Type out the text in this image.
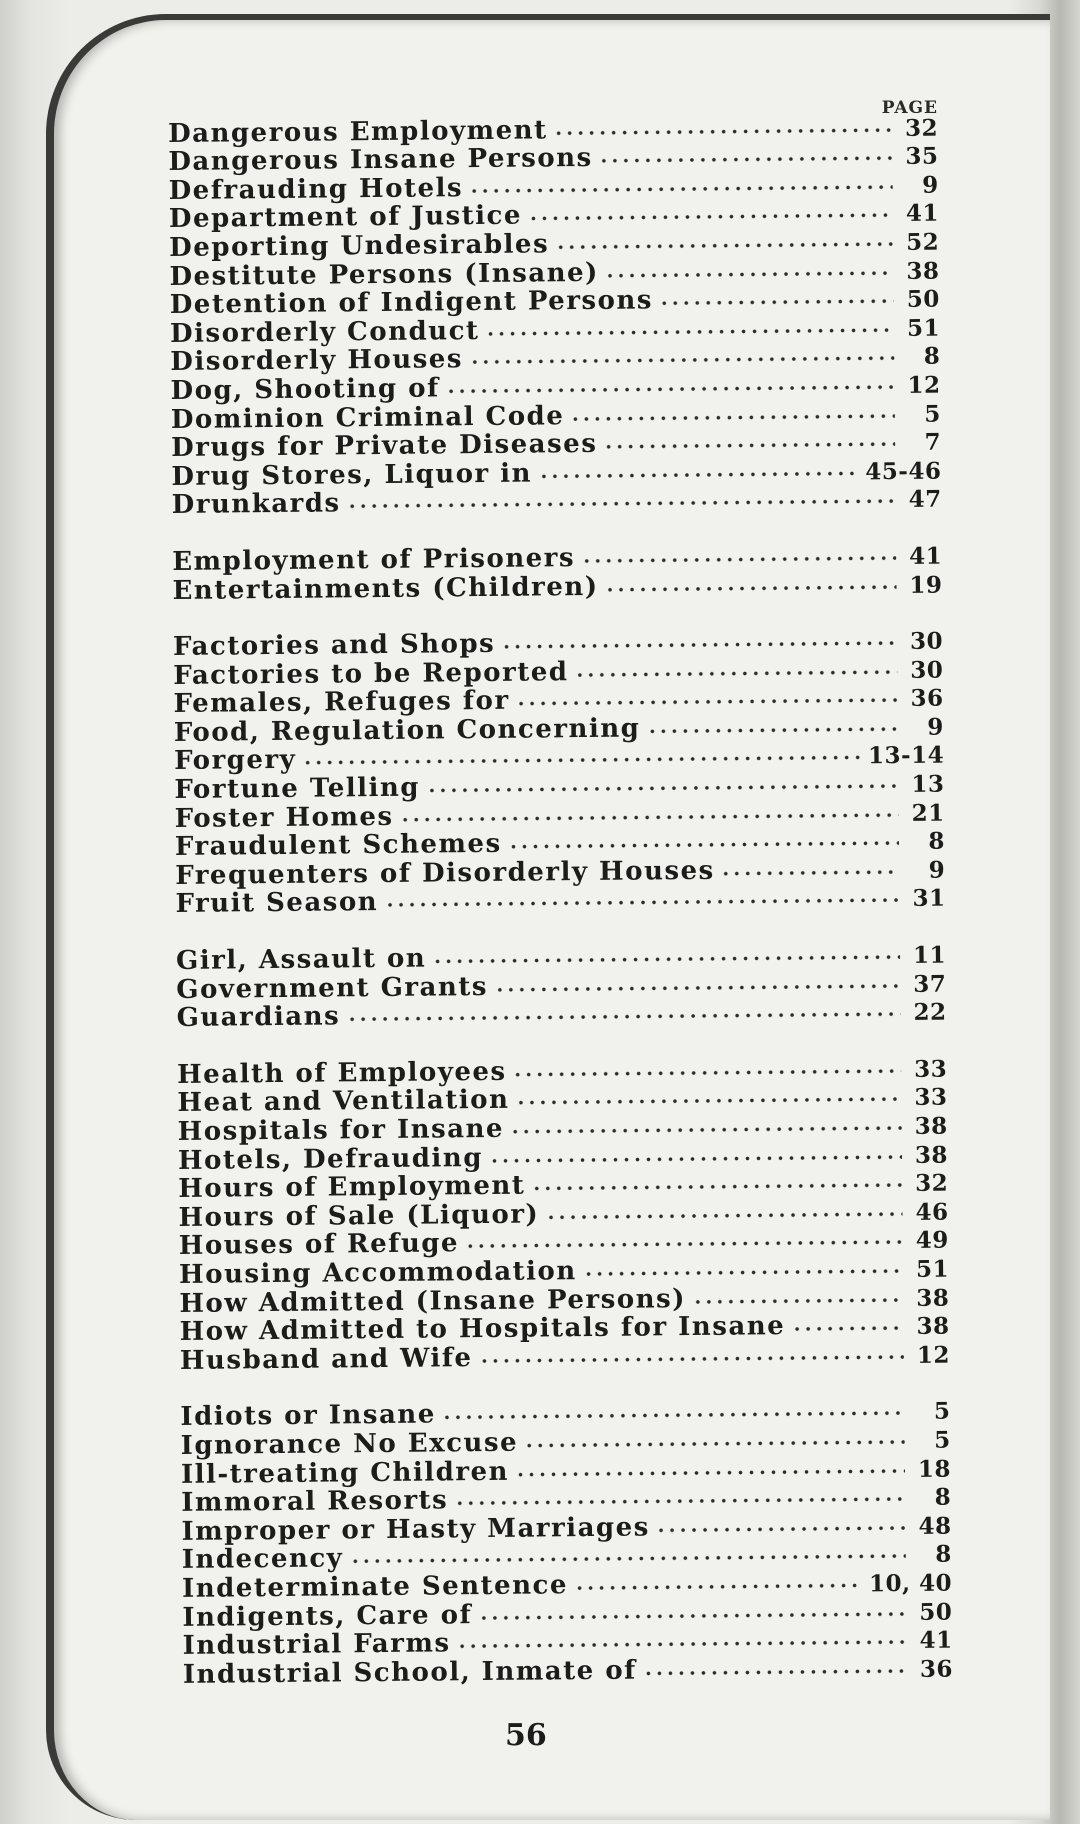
PAGE
Dangerous Employment	32
Dangerous Insane Persons	35
Defrauding Hotels	9
Department of Justice	41
Deporting Undesirables	52
Destitute Persons (Insane)	38
Detention of Indigent Persons	50
Disorderly Conduct	51
Disorderly Houses	8
Dog, Shooting of	12
Dominion Criminal Code	5
Drugs for Private Diseases	7
Drug Stores, Liquor in	45-46
Drunkards	47
Employment of Prisoners	41
Entertainments (Children)	19
Factories and Shops	30
Factories to be Reported	30
Females, Refuges for	36
Food, Regulation Concerning	9
Forgery	13-14
Fortune Telling	13
Foster Homes	21
Fraudulent Schemes	8
Frequenters of Disorderly Houses	9
Fruit Season	31
Girl, Assault on	11
Government Grants	37
Guardians	22
Health of Employees	33
Heat and Ventilation	33
Hospitals for Insane	38
Hotels, Defrauding	38
Hours of Employment	32
Hours of Sale (Liquor)	46
Houses of Refuge	49
Housing Accommodation	51
How Admitted (Insane Persons)	38
How Admitted to Hospitals for Insane	38
Husband and Wife	12
Idiots or Insane	5
Ignorance No Excuse	5
Ill-treating Children	18
Immoral Resorts	8
Improper or Hasty Marriages	48
Indecency	8
Indeterminate Sentence	10, 40
Indigents, Care of	50
Industrial Farms	41
Industrial School, Inmate of	36
56
